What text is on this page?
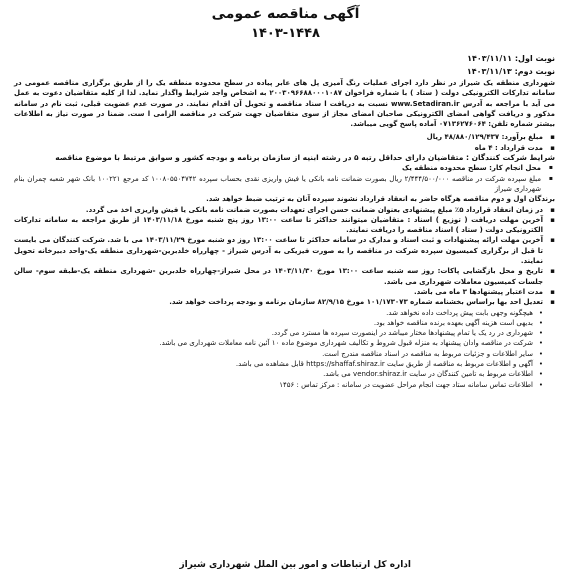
آگهی مناقصه عمومی
۱۴۰۳-۱۴۴۸

نوبت اول: ۱۴۰۳/۱۱/۱۱

نوبت دوم: ۱۴۰۳/۱۱/۱۳

شهرداری منطقه یک شیراز در نظر دارد اجرای عملیات رنگ آمیزی پل های عابر پیاده در سطح محدوده منطقه یک را از طریق برگزاری مناقصه عمومی در سامانه تدارکات الکترونیکی دولت ( ستاد ) با شماره فراخوان ۲۰۰۳۰۹۶۶۸۸۰۰۰۱۰۸۷ به اشخاص واجد شرایط واگذار نماید. لذا از کلیه متقاضیان دعوت به عمل می آید با مراجعه به آدرس www.Setadiran.ir نسبت به دریافت ا سناد مناقصه و تحویل آن اقدام نمایند. در صورت عدم عضویت قبلی، ثبت نام در سامانه مذکور و دریافت گواهی امضای الکترونیکی صاحبان امضای مجاز از سوی متقاضیان جهت شرکت در مناقصه الزامی ا ست. ضمنا در صورت نیاز به اطلاعات بیشتر شماره تلفن: ۰۷۱۳۶۲۷۶۰۶۴ آماده پاسخ گویی میباشد.

▪ مبلغ برآورد: ۴۸/۸۸۰/۱۲۹/۴۳۷ ریال

▪ مدت قرارداد : ۴ ماه

شرایط شرکت کنندگان : متقاضیان دارای حداقل رتبه ۵ در رشته ابنیه از سازمان برنامه و بودجه کشور و سوابق مرتبط با موضوع مناقصه

▪ محل انجام کار: سطح محدوده منطقه یک

▪ مبلغ سپرده شرکت در مناقصه ۲/۴۴۴/۵۰۰/۰۰۰ ریال بصورت ضمانت نامه بانکی یا فیش واریزی نقدی بحساب سپرده ۱۰۰۸۰۵۵۰۴۷۴۲ کد مرجع ۱۰۰۲۲۱ بانک شهر شعبه چمران بنام شهرداری شیراز

برندگان اول و دوم مناقصه هرگاه حاضر به انعقاد قرارداد نشوند سپرده آنان به ترتیب ضبط خواهد شد.

▪ در زمان انعقاد قرارداد ۵٪ مبلغ پیشنهادی بعنوان ضمانت حسن اجرای تعهدات بصورت ضمانت نامه بانکی یا فیش واریزی اخذ می گردد.

▪ آخرین مهلت دریافت ( توزیع ) اسناد : متقاضیان میتوانند حداکثر تا ساعت ۱۳:۰۰ روز پنج شنبه مورخ ۱۴۰۳/۱۱/۱۸ از طریق مراجعه به سامانه تدارکات الکترونیکی دولت ( ستاد ) اسناد مناقصه را دریافت نمایند.

▪ آخرین مهلت ارائه پیشنهادات و ثبت اسناد و مدارک در سامانه حداکثر تا ساعت ۱۳:۰۰ روز دو شنبه مورخ ۱۴۰۳/۱۱/۲۹ می با شد. شرکت کنندگان می بایست تا قبل از برگزاری کمیسیون سپرده شرکت در مناقصه را به صورت فیزیکی به آدرس شیراز - چهارراه خلدبرین-شهرداری منطقه یک-واحد دبیرخانه تحویل نمایند.

▪ تاریخ و محل بازگشایی پاکات: روز سه شنبه ساعت ۱۳:۰۰ مورخ ۱۴۰۳/۱۱/۳۰ در محل شیراز-چهارراه خلدبرین -شهرداری منطقه یک-طبقه سوم- سالن جلسات کمیسیون معاملات شهرداری می باشد.

▪ مدت اعتبار پیشنهادها ۳ ماه می باشد.

▪ تعدیل احد بها براساس بخشنامه شماره ۱۰۱/۱۷۳۰۷۳ مورخ ۸۲/۹/۱۵ سازمان برنامه و بودجه پرداخت خواهد شد.

• هیچگونه وجهی بابت پیش پرداخت داده نخواهد شد.

• بدیهی است هزینه آگهی بعهده برنده مناقصه خواهد بود.

• شهرداری در رد یک یا تمام پیشنهادها مختار میباشد در اینصورت سپرده ها مسترد می گردد.

• شرکت در مناقصه وادان پیشنهاد به منزله قبول شروط و تکالیف شهرداری موضوع ماده ۱۰ آئین نامه معاملات شهرداری می باشد.

• سایر اطلاعات و جزئیات مربوط به مناقصه در اسناد مناقصه مندرج است.

• آگهی و اطلاعات مربوط به مناقصه از طریق سایت https://shaffaf.shiraz.ir قابل مشاهده می باشد.

• اطلاعات مربوط به تامین کنندگان در سایت vendor.shiraz.ir می باشد.

• اطلاعات تماس سامانه ستاد جهت انجام مراحل عضویت در سامانه : مرکز تماس : ۱۴۵۶

اداره کل ارتباطات و امور بین الملل شهرداری شیراز
